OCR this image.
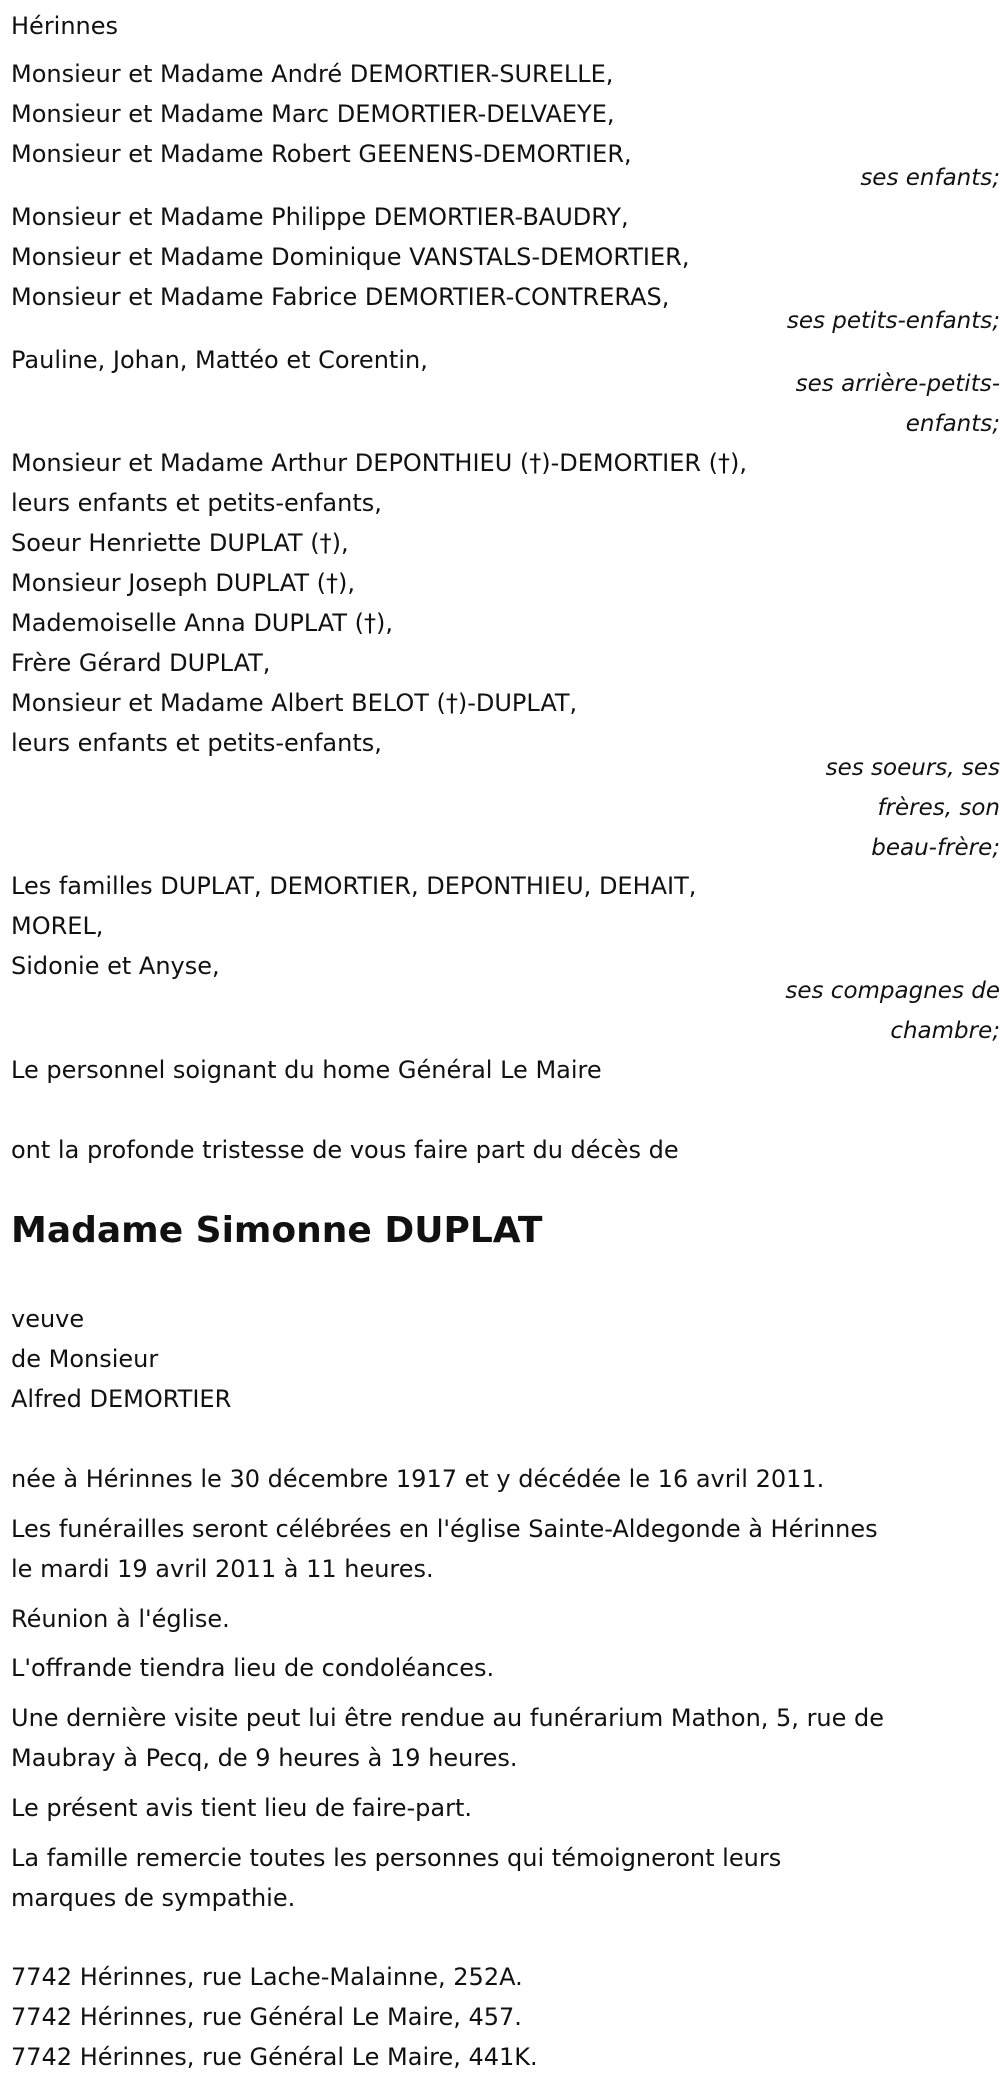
Hérinnes
Monsieur et Madame André DEMORTIER-SURELLE,
Monsieur et Madame Marc DEMORTIER-DELVAEYE,
Monsieur et Madame Robert GEENENS-DEMORTIER,
ses enfants;
Monsieur et Madame Philippe DEMORTIER-BAUDRY,
Monsieur et Madame Dominique VANSTALS-DEMORTIER,
Monsieur et Madame Fabrice DEMORTIER-CONTRERAS,
ses petits-enfants;
Pauline, Johan, Mattéo et Corentin,
ses arrière-petits-
enfants;
Monsieur et Madame Arthur DEPONTHIEU (†)-DEMORTIER (†),
leurs enfants et petits-enfants,
Soeur Henriette DUPLAT (†),
Monsieur Joseph DUPLAT (†),
Mademoiselle Anna DUPLAT (†),
Frère Gérard DUPLAT,
Monsieur et Madame Albert BELOT (†)-DUPLAT,
leurs enfants et petits-enfants,
ses soeurs, ses
frères, son
beau-frère;
Les familles DUPLAT, DEMORTIER, DEPONTHIEU, DEHAIT,
MOREL,
Sidonie et Anyse,
ses compagnes de
chambre;
Le personnel soignant du home Général Le Maire
ont la profonde tristesse de vous faire part du décès de
Madame Simonne DUPLAT
veuve
de Monsieur
Alfred DEMORTIER
née à Hérinnes le 30 décembre 1917 et y décédée le 16 avril 2011.
Les funérailles seront célébrées en l'église Sainte-Aldegonde à Hérinnes
le mardi 19 avril 2011 à 11 heures.
Réunion à l'église.
L'offrande tiendra lieu de condoléances.
Une dernière visite peut lui être rendue au funérarium Mathon, 5, rue de
Maubray à Pecq, de 9 heures à 19 heures.
Le présent avis tient lieu de faire-part.
La famille remercie toutes les personnes qui témoigneront leurs
marques de sympathie.
7742 Hérinnes, rue Lache-Malainne, 252A.
7742 Hérinnes, rue Général Le Maire, 457.
7742 Hérinnes, rue Général Le Maire, 441K.
